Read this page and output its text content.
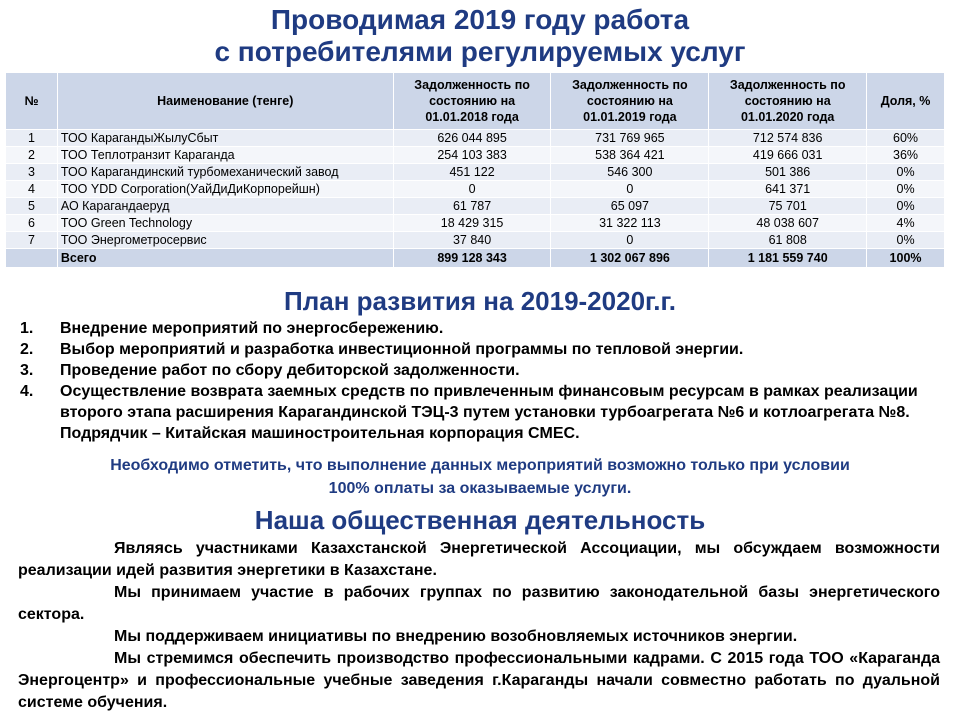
Проводимая 2019 году работа
с потребителями регулируемых услуг
№	Наименование (тенге)	Задолженность по состоянию на 01.01.2018 года	Задолженность по состоянию на 01.01.2019 года	Задолженность по состоянию на 01.01.2020 года	Доля, %
1	ТОО КарагандыЖылуСбыт	626 044 895	731 769 965	712 574 836	60%
2	ТОО Теплотранзит Караганда	254 103 383	538 364 421	419 666 031	36%
3	ТОО Карагандинский турбомеханический завод	451 122	546 300	501 386	0%
4	ТОО YDD Corporation(УайДиДиКорпорейшн)	0	0	641 371	0%
5	АО Карагандаеруд	61 787	65 097	75 701	0%
6	ТОО Green Technology	18 429 315	31 322 113	48 038 607	4%
7	ТОО Энергометросервис	37 840	0	61 808	0%
	Всего	899 128 343	1 302 067 896	1 181 559 740	100%
План развития на 2019-2020г.г.
1.	Внедрение мероприятий по энергосбережению.
2.	Выбор мероприятий и разработка инвестиционной программы по тепловой энергии.
3.	Проведение работ по сбору дебиторской задолженности.
4.	Осуществление возврата заемных средств по привлеченным финансовым ресурсам в рамках реализации второго этапа расширения Карагандинской ТЭЦ-3 путем установки турбоагрегата №6 и котлоагрегата №8. Подрядчик – Китайская машиностроительная корпорация CMEC.
Необходимо отметить, что выполнение данных мероприятий возможно только при условии
100% оплаты за оказываемые услуги.
Наша общественная деятельность

Являясь участниками Казахстанской Энергетической Ассоциации, мы обсуждаем возможности реализации идей развития энергетики в Казахстане.

Мы принимаем участие в рабочих группах по развитию законодательной базы энергетического сектора.

Мы поддерживаем инициативы по внедрению возобновляемых источников энергии.

Мы стремимся обеспечить производство профессиональными кадрами. С 2015 года ТОО «Караганда Энергоцентр» и профессиональные учебные заведения г.Караганды начали совместно работать по дуальной системе обучения.
